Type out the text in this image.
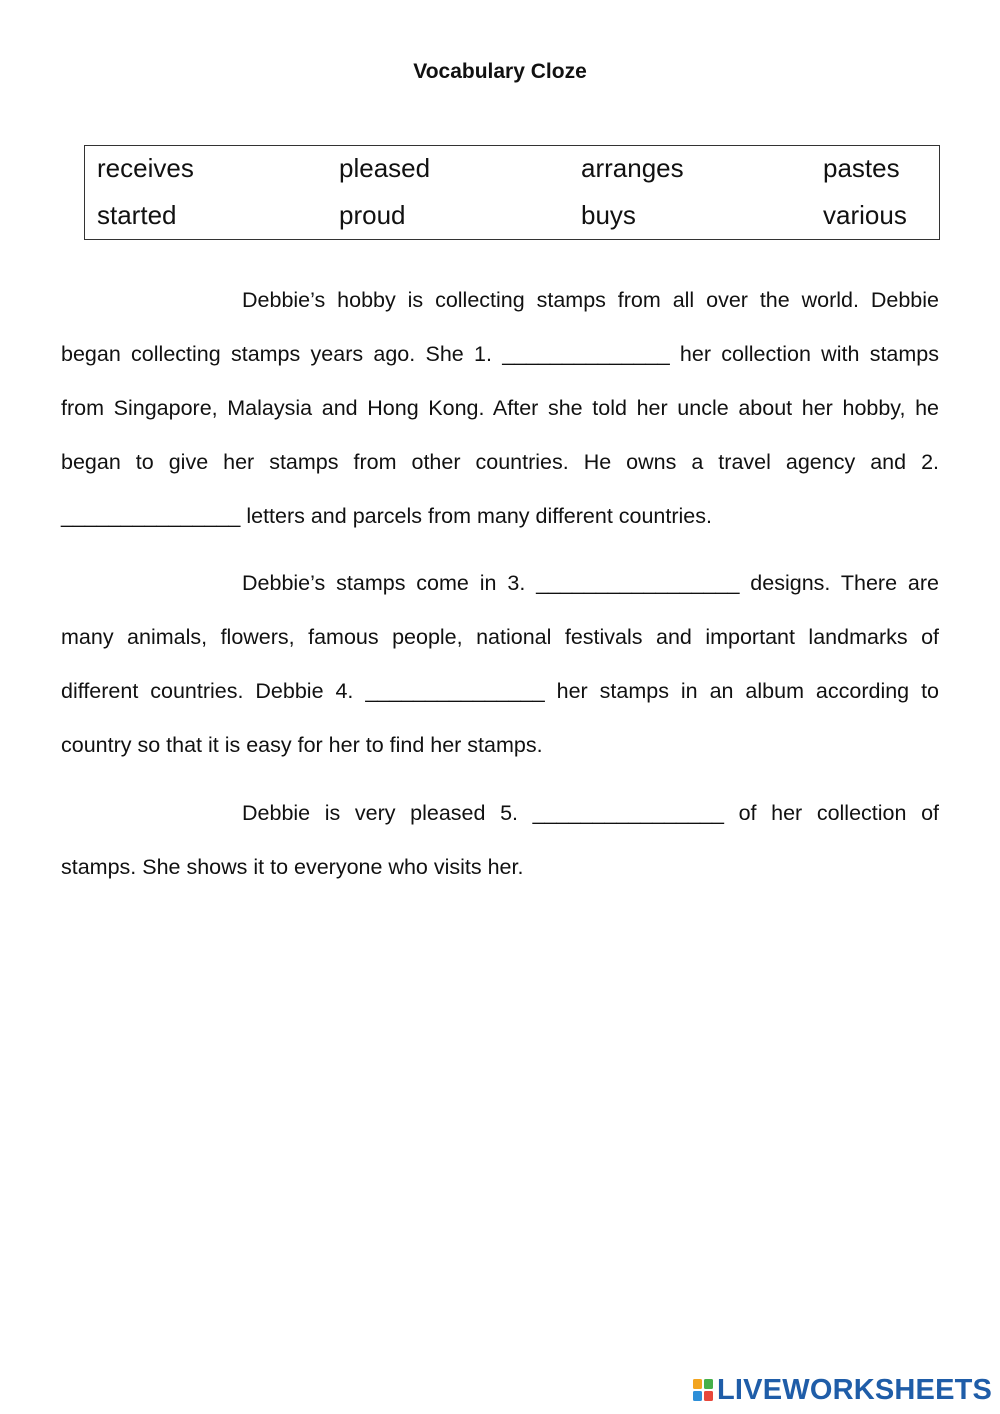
Vocabulary Cloze
receives	pleased	arranges	pastes
started	proud	buys	various

Debbie’s hobby is collecting stamps from all over the world. Debbie began collecting stamps years ago. She 1. ______________ her collection with stamps from Singapore, Malaysia and Hong Kong. After she told her uncle about her hobby, he began to give her stamps from other countries. He owns a travel agency and 2. _______________ letters and parcels from many different countries.

Debbie’s stamps come in 3. _________________ designs. There are many animals, flowers, famous people, national festivals and important landmarks of different countries. Debbie 4. _______________ her stamps in an album according to country so that it is easy for her to find her stamps.

Debbie is very pleased 5. ________________ of her collection of stamps. She shows it to everyone who visits her.

LIVEWORKSHEETS
